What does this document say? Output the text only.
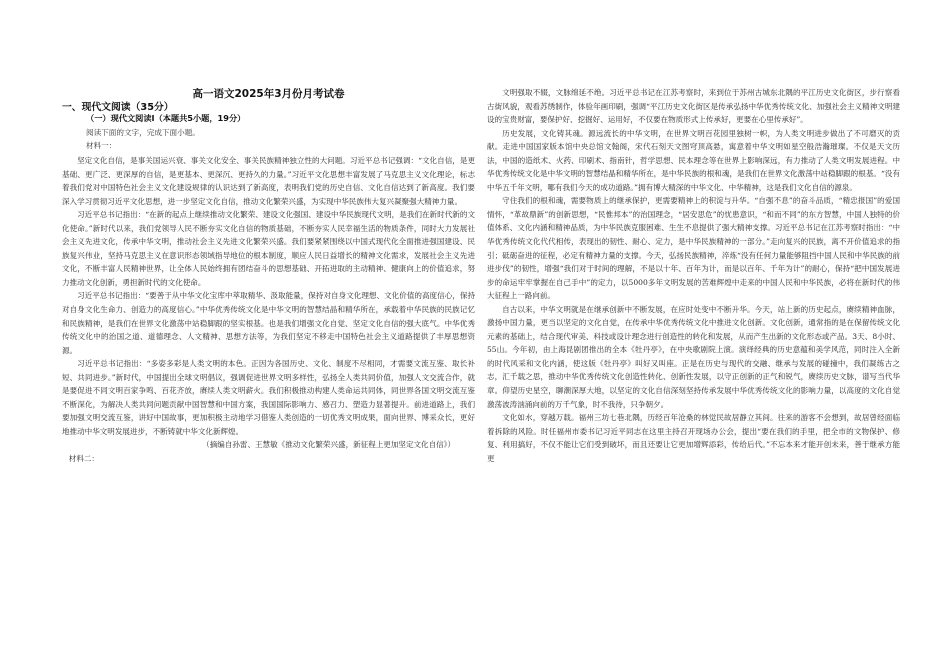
高一语文2025年3月份月考试卷
一、现代文阅读（35分）
（一）现代文阅读Ⅰ（本题共5小题，19分）

阅读下面的文字，完成下面小题。

材料一：

坚定文化自信，是事关国运兴衰、事关文化安全、事关民族精神独立性的大问题。习近平总书记强调：“文化自信，是更基础、更广泛、更深厚的自信，是更基本、更深沉、更持久的力量。”习近平文化思想丰富发展了马克思主义文化理论，标志着我们党对中国特色社会主义文化建设规律的认识达到了新高度，表明我们党的历史自信、文化自信达到了新高度。我们要深入学习贯彻习近平文化思想，进一步坚定文化自信，推动文化繁荣兴盛，为实现中华民族伟大复兴凝聚强大精神力量。

习近平总书记指出：“在新的起点上继续推动文化繁荣、建设文化强国、建设中华民族现代文明，是我们在新时代新的文化使命。”新时代以来，我们党领导人民不断夯实文化自信的物质基础，不断夯实人民幸福生活的物质条件，同时大力发展社会主义先进文化，传承中华文明，推动社会主义先进文化繁荣兴盛。我们要紧紧围绕以中国式现代化全面推进强国建设、民族复兴伟业，坚持马克思主义在意识形态领域指导地位的根本制度，顺应人民日益增长的精神文化需求，发展社会主义先进文化，不断丰富人民精神世界，让全体人民始终拥有团结奋斗的思想基础、开拓进取的主动精神、健康向上的价值追求，努力推动文化创新，勇担新时代的文化使命。

习近平总书记指出：“要善于从中华文化宝库中萃取精华、汲取能量，保持对自身文化理想、文化价值的高度信心，保持对自身文化生命力、创造力的高度信心。”中华优秀传统文化是中华文明的智慧结晶和精华所在，承载着中华民族的民族记忆和民族精神，是我们在世界文化激荡中站稳脚跟的坚实根基。也是我们增强文化自觉、坚定文化自信的强大底气。中华优秀传统文化中的治国之道、道德理念、人文精神、思想方法等，为我们坚定不移走中国特色社会主义道路提供了丰厚思想资源。

习近平总书记指出：“多姿多彩是人类文明的本色。正因为各国历史、文化、制度不尽相同，才需要文流互鉴、取长补短、共同进步。”新时代，中国提出全球文明倡议，强调促进世界文明多样性，弘扬全人类共同价值，加强人文交流合作，就是要促进不同文明百家争鸣、百花齐放，赓续人类文明薪火。我们积极推动构建人类命运共同体，同世界各国文明交流互鉴不断深化，为解决人类共同问题贡献中国智慧和中国方案，我国国际影响力、感召力、塑造力显著提升。前进道路上，我们要加强文明交流互鉴，讲好中国故事，更加积极主动地学习借鉴人类创造的一切优秀文明成果，面向世界、博采众长，更好地推动中华文明发展进步，不断铸就中华文化新辉煌。

（摘编自孙雷、王慧敏《推动文化繁荣兴盛，新征程上更加坚定文化自信》）

材料二：

文明强取不辍，文脉绵延不绝。习近平总书记在江苏考察时，来到位于苏州古城东北隅的平江历史文化街区，步行察看古街风貌，观看苏绣制作，体验年画印刷，强调“平江历史文化街区是传承弘扬中华优秀传统文化、加强社会主义精神文明建设的宝贵财富，要保护好、挖掘好、运用好，不仅要在物质形式上传承好，更要在心里传承好”。

历史发展，文化铸其魂。源远流长的中华文明，在世界文明百花园里独树一帜，为人类文明进步做出了不可磨灭的贡献。走进中国国家版本馆中央总馆文翰阁，宋代石刻天文图穹顶高悬，寓意着中华文明如星空般浩瀚璀璨。不仅是天文历法，中国的造纸术、火药、印刷术、指南针，哲学思想、民本理念等在世界上影响深远，有力推动了人类文明发展进程。中华优秀传统文化是中华文明的智慧结晶和精华所在，是中华民族的根和魂，是我们在世界文化激荡中站稳脚跟的根基。“没有中华五千年文明，哪有我们今天的成功道路。”拥有博大精深的中华文化、中华精神，这是我们文化自信的源泉。

守住我们的根和魂，需要物质上的继承保护，更需要精神上的积淀与升华。“自强不息”的奋斗品质，“精忠报国”的爱国情怀，“革故鼎新”的创新思想，“民惟邦本”的治国理念，“居安思危”的忧患意识，“和而不同”的东方智慧，中国人独特的价值体系、文化内涵和精神品质，为中华民族克服困难、生生不息提供了强大精神支撑。习近平总书记在江苏考察时指出：“中华优秀传统文化代代相传，表现出的韧性、耐心、定力，是中华民族精神的一部分。”走向复兴的民族，离不开价值追求的指引；砥砺奋进的征程，必定有精神力量的支撑。今天，弘扬民族精神，淬炼“没有任何力量能够阻挡中国人民和中华民族的前进步伐”的韧性，增强“我们对于时间的理解，不是以十年、百年为计，而是以百年、千年为计”的耐心，保持“把中国发展进步的命运牢牢掌握在自己手中”的定力，以5000多年文明发展的苦难辉煌中走来的中国人民和中华民族，必将在新时代的伟大征程上一路向前。

自古以来，中华文明就是在继承创新中不断发展，在应时处变中不断升华。今天，站上新的历史起点，赓续精神血脉，激扬中国力量，更当以坚定的文化自觉，在传承中华优秀传统文化中推进文化创新。文化创新，通常指的是在保留传统文化元素的基础上，结合现代审美、科技或设计理念进行创造性的转化和发展，从而产生出新的文化形态或产品。3天、8小时、55山。今年初，由上海昆剧团推出的全本《牡丹亭》，在中央歌剧院上演。演绎经典的历史意蕴和美学风范，同时注入全新的时代风采和文化内涵，使这版《牡丹亭》叫好又叫座。正是在历史与现代的交融、继承与发展的碰撞中，我们凝练古之志，汇千载之思，推动中华优秀传统文化创造性转化、创新性发展，以守正创新的正气和锐气，赓续历史文脉，谱写当代华章。仰望历史星空，聊潮深厚大地，以坚定的文化自信深刻坚持传承发展中华优秀传统文化的影响力量，以高度的文化自觉激荡波涛汹涌向前的万千气象，时不我待，只争朝夕。

文化如水，穿越万载。福州三坊七巷北隅，历经百年沧桑的林觉民故居静立其间。往来的游客不会想到，故居曾经面临着拆除的风险。时任福州市委书记习近平同志在这里主持召开现场办公会，提出“要在我们的手里，把全市的文物保护、修复、利用搞好，不仅不能让它们受到破坏，而且还要让它更加增辉添彩，传给后代。”不忘本来才能开创未来，善于继承方能更
